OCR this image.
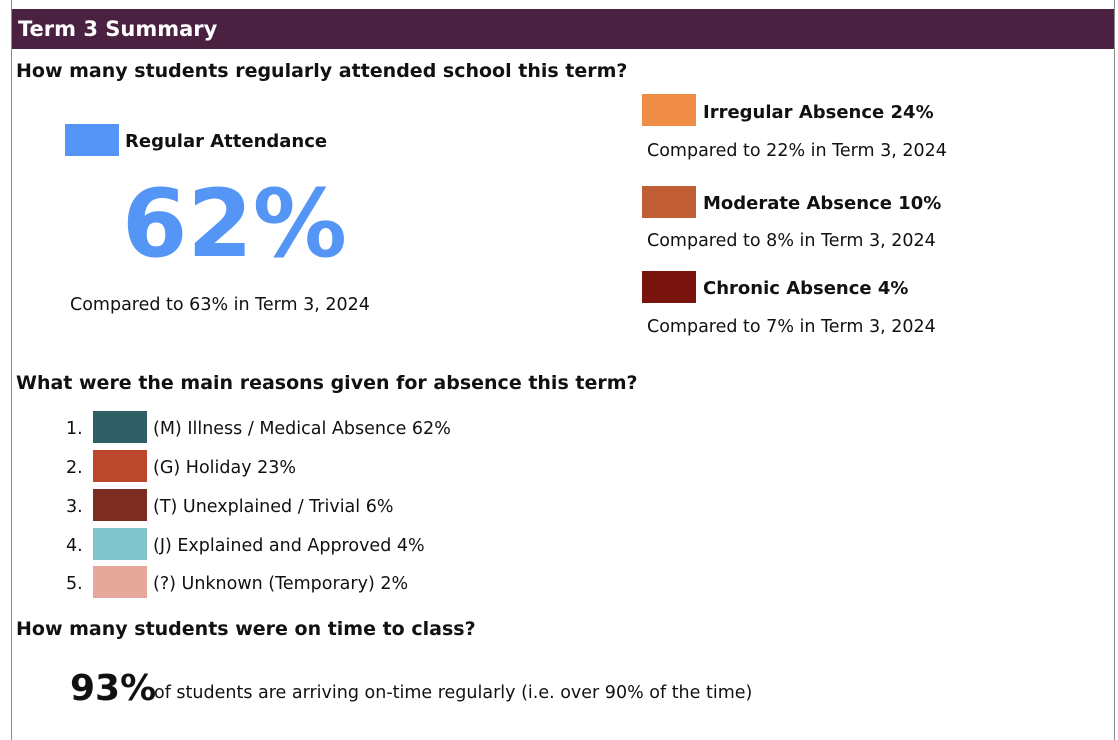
Term 3 Summary
How many students regularly attended school this term?
Regular Attendance
62%
Compared to 63% in Term 3, 2024
Irregular Absence 24%
Compared to 22% in Term 3, 2024
Moderate Absence 10%
Compared to 8% in Term 3, 2024
Chronic Absence 4%
Compared to 7% in Term 3, 2024
What were the main reasons given for absence this term?
1.	(M) Illness / Medical Absence 62%
2.	(G) Holiday 23%
3.	(T) Unexplained / Trivial 6%
4.	(J) Explained and Approved 4%
5.	(?) Unknown (Temporary) 2%
How many students were on time to class?
93%
of students are arriving on-time regularly (i.e. over 90% of the time)
